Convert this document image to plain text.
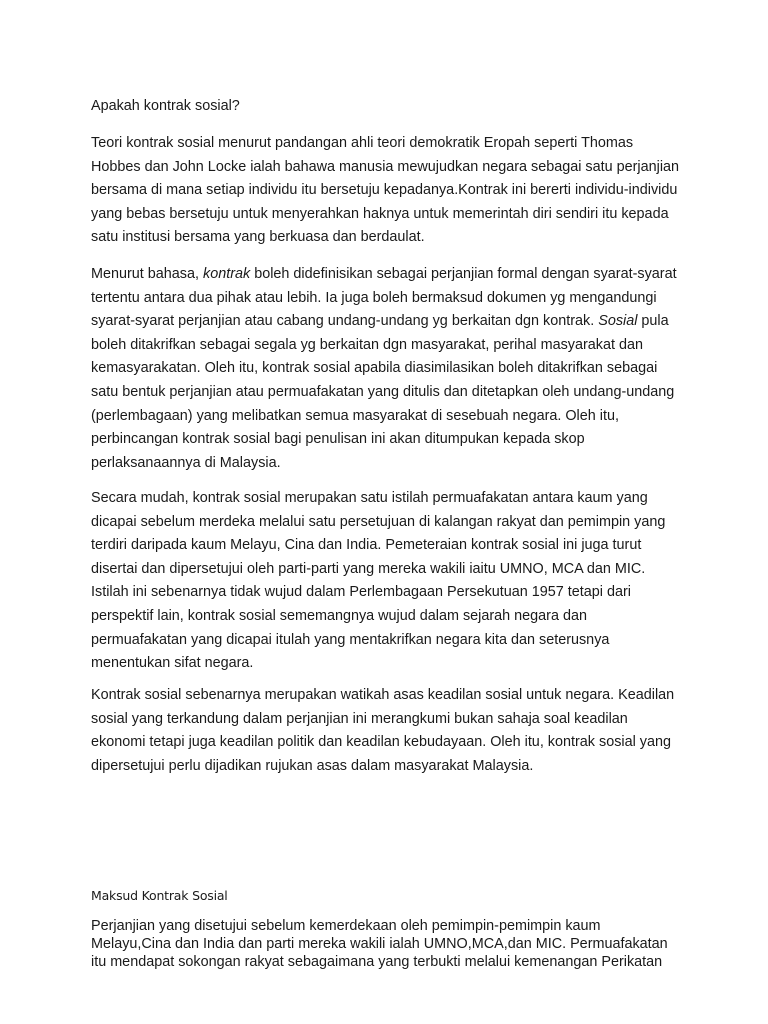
Apakah kontrak sosial?
Teori kontrak sosial menurut pandangan ahli teori demokratik Eropah seperti Thomas
Hobbes dan John Locke ialah bahawa manusia mewujudkan negara sebagai satu perjanjian
bersama di mana setiap individu itu bersetuju kepadanya.Kontrak ini bererti individu-individu
yang bebas bersetuju untuk menyerahkan haknya untuk memerintah diri sendiri itu kepada
satu institusi bersama yang berkuasa dan berdaulat.
Menurut bahasa, kontrak boleh didefinisikan sebagai perjanjian formal dengan syarat-syarat
tertentu antara dua pihak atau lebih. Ia juga boleh bermaksud dokumen yg mengandungi
syarat-syarat perjanjian atau cabang undang-undang yg berkaitan dgn kontrak. Sosial pula
boleh ditakrifkan sebagai segala yg berkaitan dgn masyarakat, perihal masyarakat dan
kemasyarakatan. Oleh itu, kontrak sosial apabila diasimilasikan boleh ditakrifkan sebagai
satu bentuk perjanjian atau permuafakatan yang ditulis dan ditetapkan oleh undang-undang
(perlembagaan) yang melibatkan semua masyarakat di sesebuah negara. Oleh itu,
perbincangan kontrak sosial bagi penulisan ini akan ditumpukan kepada skop
perlaksanaannya di Malaysia.
Secara mudah, kontrak sosial merupakan satu istilah permuafakatan antara kaum yang
dicapai sebelum merdeka melalui satu persetujuan di kalangan rakyat dan pemimpin yang
terdiri daripada kaum Melayu, Cina dan India. Pemeteraian kontrak sosial ini juga turut
disertai dan dipersetujui oleh parti-parti yang mereka wakili iaitu UMNO, MCA dan MIC.
Istilah ini sebenarnya tidak wujud dalam Perlembagaan Persekutuan 1957 tetapi dari
perspektif lain, kontrak sosial sememangnya wujud dalam sejarah negara dan
permuafakatan yang dicapai itulah yang mentakrifkan negara kita dan seterusnya
menentukan sifat negara.
Kontrak sosial sebenarnya merupakan watikah asas keadilan sosial untuk negara. Keadilan
sosial yang terkandung dalam perjanjian ini merangkumi bukan sahaja soal keadilan
ekonomi tetapi juga keadilan politik dan keadilan kebudayaan. Oleh itu, kontrak sosial yang
dipersetujui perlu dijadikan rujukan asas dalam masyarakat Malaysia.
Maksud Kontrak Sosial
Perjanjian yang disetujui sebelum kemerdekaan oleh pemimpin-pemimpin kaum
Melayu,Cina dan India dan parti mereka wakili ialah UMNO,MCA,dan MIC. Permuafakatan
itu mendapat sokongan rakyat sebagaimana yang terbukti melalui kemenangan Perikatan
